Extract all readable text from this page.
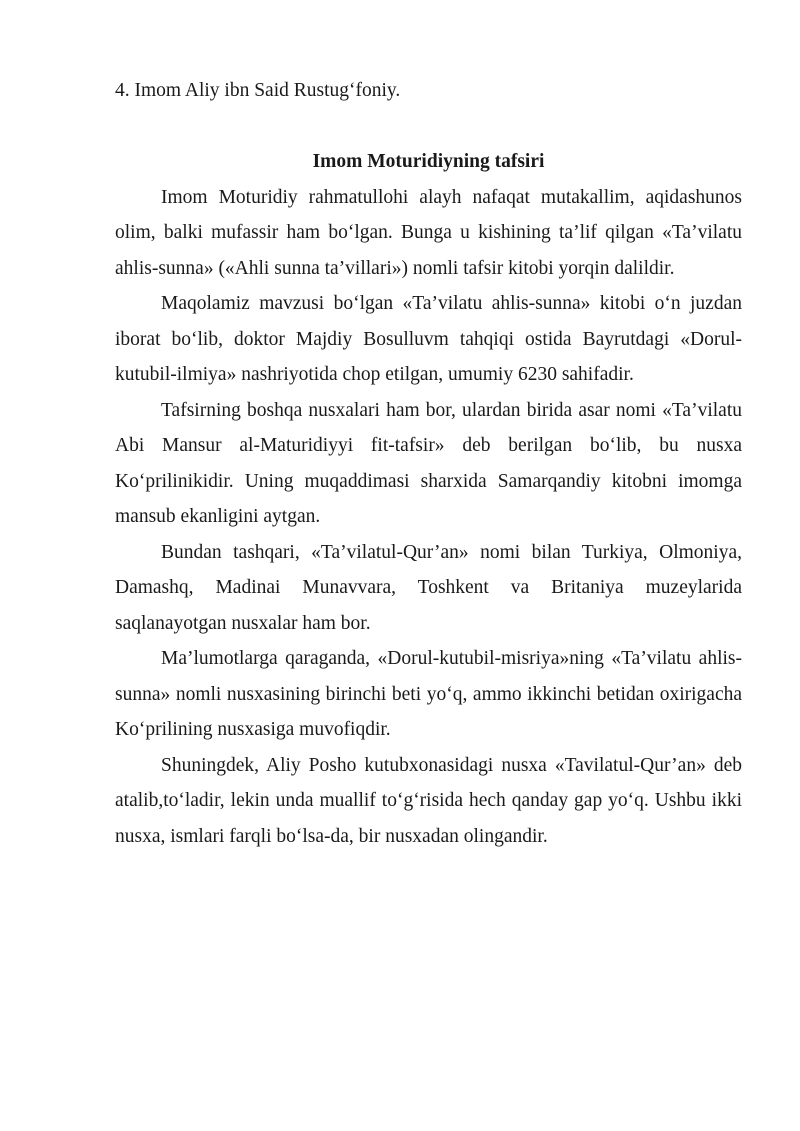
4. Imom Aliy ibn Said Rustug‘foniy.

Imom Moturidiyning tafsiri

Imom Moturidiy rahmatullohi alayh nafaqat mutakallim, aqidashunos olim, balki mufassir ham bo‘lgan. Bunga u kishining ta’lif qilgan «Ta’vilatu ahlis-sunna» («Ahli sunna ta’villari») nomli tafsir kitobi yorqin dalildir.

Maqolamiz mavzusi bo‘lgan «Ta’vilatu ahlis-sunna» kitobi o‘n juzdan iborat bo‘lib, doktor Majdiy Bosulluvm tahqiqi ostida Bayrutdagi «Dorul-kutubil-ilmiya» nashriyotida chop etilgan, umumiy 6230 sahifadir.

Tafsirning boshqa nusxalari ham bor, ulardan birida asar nomi «Ta’vilatu Abi Mansur al-Maturidiyyi fit-tafsir» deb berilgan bo‘lib, bu nusxa Ko‘prilinikidir. Uning muqaddimasi sharxida Samarqandiy kitobni imomga mansub ekanligini aytgan.

Bundan tashqari, «Ta’vilatul-Qur’an» nomi bilan Turkiya, Olmoniya, Damashq, Madinai Munavvara, Toshkent va Britaniya muzeylarida saqlanayotgan nusxalar ham bor.

Ma’lumotlarga qaraganda, «Dorul-kutubil-misriya»ning «Ta’vilatu ahlis-sunna» nomli nusxasining birinchi beti yo‘q, ammo ikkinchi betidan oxirigacha Ko‘prilining nusxasiga muvofiqdir.

Shuningdek, Aliy Posho kutubxonasidagi nusxa «Tavilatul-Qur’an» deb atalib,to‘ladir, lekin unda muallif to‘g‘risida hech qanday gap yo‘q. Ushbu ikki nusxa, ismlari farqli bo‘lsa-da, bir nusxadan olingandir.
